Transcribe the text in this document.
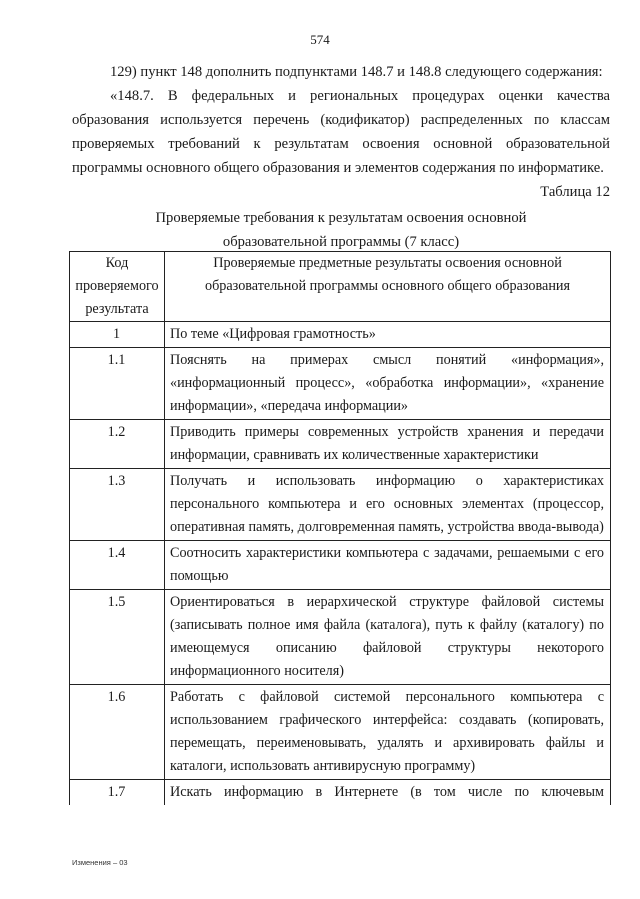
574
129) пункт 148 дополнить подпунктами 148.7 и 148.8 следующего содержания:
«148.7. В федеральных и региональных процедурах оценки качества образования используется перечень (кодификатор) распределенных по классам проверяемых требований к результатам освоения основной образовательной программы основного общего образования и элементов содержания по информатике.
Таблица 12
Проверяемые требования к результатам освоения основной
образовательной программы (7 класс)
Код проверяемого результата	Проверяемые предметные результаты освоения основной образовательной программы основного общего образования
1	По теме «Цифровая грамотность»
1.1	Пояснять на примерах смысл понятий «информация», «информационный процесс», «обработка информации», «хранение информации», «передача информации»
1.2	Приводить примеры современных устройств хранения и передачи информации, сравнивать их количественные характеристики
1.3	Получать и использовать информацию о характеристиках персонального компьютера и его основных элементах (процессор, оперативная память, долговременная память, устройства ввода-вывода)
1.4	Соотносить характеристики компьютера с задачами, решаемыми с его помощью
1.5	Ориентироваться в иерархической структуре файловой системы (записывать полное имя файла (каталога), путь к файлу (каталогу) по имеющемуся описанию файловой структуры некоторого информационного носителя)
1.6	Работать с файловой системой персонального компьютера с использованием графического интерфейса: создавать (копировать, перемещать, переименовывать, удалять и архивировать файлы и каталоги, использовать антивирусную программу)
1.7	Искать информацию в Интернете (в том числе по ключевым
Изменения – 03
